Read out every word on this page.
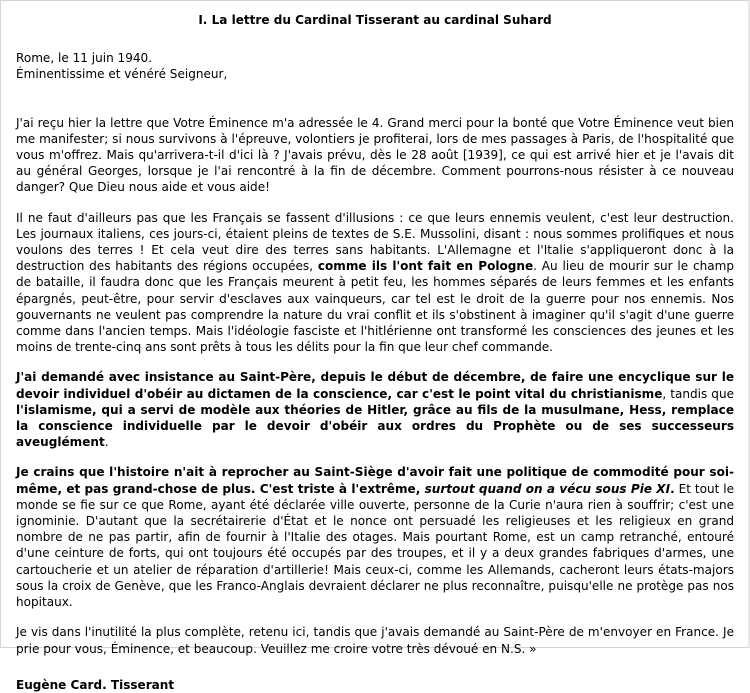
I. La lettre du Cardinal Tisserant au cardinal Suhard

Rome, le 11 juin 1940.

Éminentissime et vénéré Seigneur,

J'ai reçu hier la lettre que Votre Éminence m'a adressée le 4. Grand merci pour la bonté que Votre Éminence veut bien me manifester; si nous survivons à l'épreuve, volontiers je profiterai, lors de mes passages à Paris, de l'hospitalité que vous m'offrez. Mais qu'arrivera-t-il d'ici là ? J'avais prévu, dès le 28 août [1939], ce qui est arrivé hier et je l'avais dit au général Georges, lorsque je l'ai rencontré à la fin de décembre. Comment pourrons-nous résister à ce nouveau danger? Que Dieu nous aide et vous aide!

Il ne faut d'ailleurs pas que les Français se fassent d'illusions : ce que leurs ennemis veulent, c'est leur destruction. Les journaux italiens, ces jours-ci, étaient pleins de textes de S.E. Mussolini, disant : nous sommes prolifiques et nous voulons des terres ! Et cela veut dire des terres sans habitants. L'Allemagne et l'Italie s'appliqueront donc à la destruction des habitants des régions occupées, comme ils l'ont fait en Pologne. Au lieu de mourir sur le champ de bataille, il faudra donc que les Français meurent à petit feu, les hommes séparés de leurs femmes et les enfants épargnés, peut-être, pour servir d'esclaves aux vainqueurs, car tel est le droit de la guerre pour nos ennemis. Nos gouvernants ne veulent pas comprendre la nature du vrai conflit et ils s'obstinent à imaginer qu'il s'agit d'une guerre comme dans l'ancien temps. Mais l'idéologie fasciste et l'hitlérienne ont transformé les consciences des jeunes et les moins de trente-cinq ans sont prêts à tous les délits pour la fin que leur chef commande.

J'ai demandé avec insistance au Saint-Père, depuis le début de décembre, de faire une encyclique sur le devoir individuel d'obéir au dictamen de la conscience, car c'est le point vital du christianisme, tandis que l'islamisme, qui a servi de modèle aux théories de Hitler, grâce au fils de la musulmane, Hess, remplace la conscience individuelle par le devoir d'obéir aux ordres du Prophète ou de ses successeurs aveuglément.

Je crains que l'histoire n'ait à reprocher au Saint-Siège d'avoir fait une politique de commodité pour soi-même, et pas grand-chose de plus. C'est triste à l'extrême, surtout quand on a vécu sous Pie XI. Et tout le monde se fie sur ce que Rome, ayant été déclarée ville ouverte, personne de la Curie n'aura rien à souffrir; c'est une ignominie. D'autant que la secrétairerie d'État et le nonce ont persuadé les religieuses et les religieux en grand nombre de ne pas partir, afin de fournir à l'Italie des otages. Mais pourtant Rome, est un camp retranché, entouré d'une ceinture de forts, qui ont toujours été occupés par des troupes, et il y a deux grandes fabriques d'armes, une cartoucherie et un atelier de réparation d'artillerie! Mais ceux-ci, comme les Allemands, cacheront leurs états-majors sous la croix de Genève, que les Franco-Anglais devraient déclarer ne plus reconnaître, puisqu'elle ne protège pas nos hopitaux.

Je vis dans l'inutilité la plus complète, retenu ici, tandis que j'avais demandé au Saint-Père de m'envoyer en France. Je prie pour vous, Éminence, et beaucoup. Veuillez me croire votre très dévoué en N.S. »

Eugène Card. Tisserant
